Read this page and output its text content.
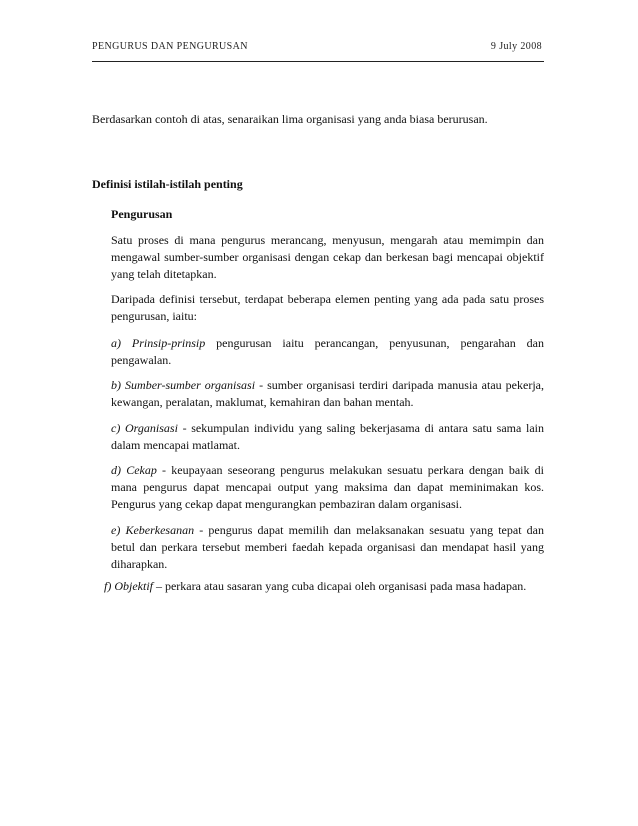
PENGURUS DAN PENGURUSAN	9 July 2008
Berdasarkan contoh di atas, senaraikan lima organisasi yang anda biasa berurusan.
Definisi istilah-istilah penting
Pengurusan
Satu proses di mana pengurus merancang, menyusun, mengarah atau memimpin dan mengawal sumber-sumber organisasi dengan cekap dan berkesan bagi mencapai objektif yang telah ditetapkan.
Daripada definisi tersebut, terdapat beberapa elemen penting yang ada pada satu proses pengurusan, iaitu:
a) Prinsip-prinsip pengurusan iaitu perancangan, penyusunan, pengarahan dan pengawalan.
b) Sumber-sumber organisasi - sumber organisasi terdiri daripada manusia atau pekerja, kewangan, peralatan, maklumat, kemahiran dan bahan mentah.
c) Organisasi - sekumpulan individu yang saling bekerjasama di antara satu sama lain dalam mencapai matlamat.
d) Cekap - keupayaan seseorang pengurus melakukan sesuatu perkara dengan baik di mana pengurus dapat mencapai output yang maksima dan dapat meminimakan kos. Pengurus yang cekap dapat mengurangkan pembaziran dalam organisasi.
e) Keberkesanan - pengurus dapat memilih dan melaksanakan sesuatu yang tepat dan betul dan perkara tersebut memberi faedah kepada organisasi dan mendapat hasil yang diharapkan.
f) Objektif – perkara atau sasaran yang cuba dicapai oleh organisasi pada masa hadapan.
